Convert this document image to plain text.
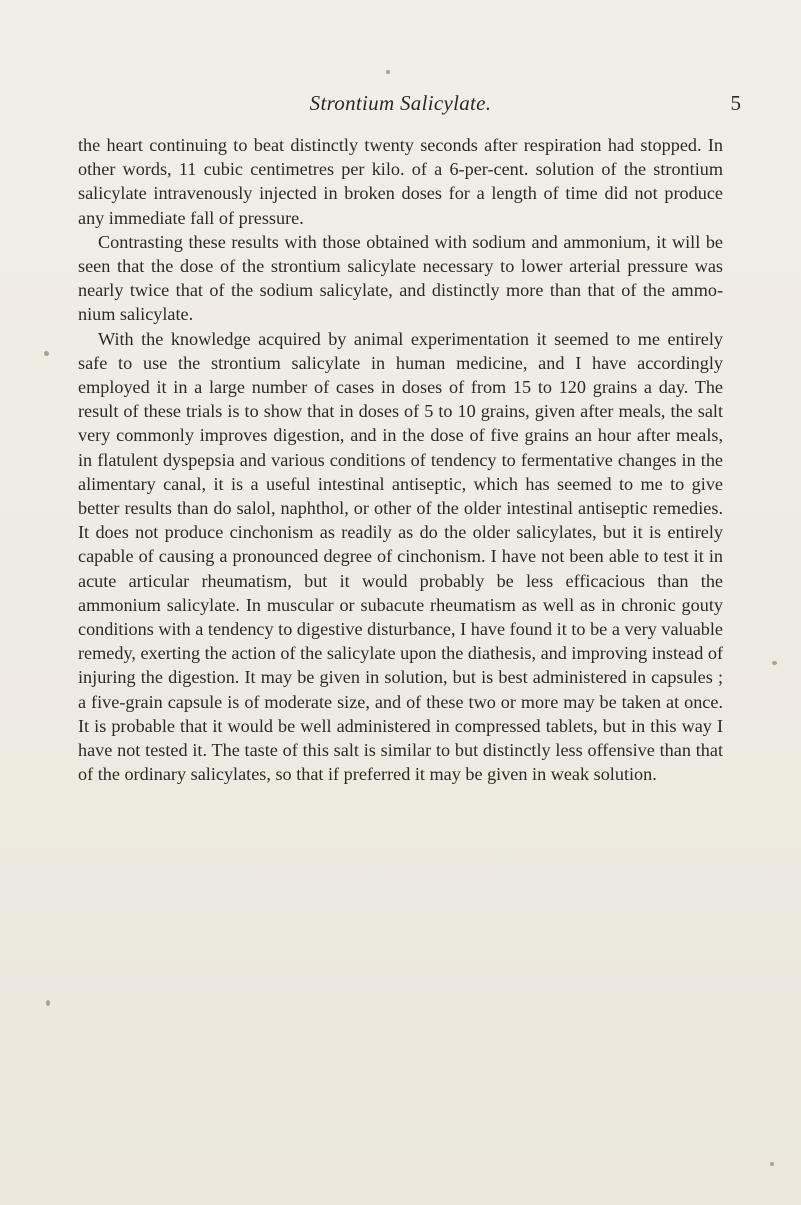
Strontium Salicylate.	5

the heart continuing to beat distinctly twenty seconds after respiration had stopped. In other words, 11 cubic centimetres per kilo. of a 6-per-cent. solution of the strontium salicylate intravenously injected in broken doses for a length of time did not produce any immediate fall of pressure.

Contrasting these results with those obtained with sodium and ammonium, it will be seen that the dose of the strontium salicylate necessary to lower arterial pressure was nearly twice that of the sodium salicylate, and distinctly more than that of the ammonium salicylate.

With the knowledge acquired by animal experimentation it seemed to me entirely safe to use the strontium salicylate in human medicine, and I have accordingly employed it in a large number of cases in doses of from 15 to 120 grains a day. The result of these trials is to show that in doses of 5 to 10 grains, given after meals, the salt very commonly improves digestion, and in the dose of five grains an hour after meals, in flatulent dyspepsia and various conditions of tendency to fermentative changes in the alimentary canal, it is a useful intestinal antiseptic, which has seemed to me to give better results than do salol, naphthol, or other of the older intestinal antiseptic remedies. It does not produce cinchonism as readily as do the older salicylates, but it is entirely capable of causing a pronounced degree of cinchonism. I have not been able to test it in acute articular rheumatism, but it would probably be less efficacious than the ammonium salicylate. In muscular or subacute rheumatism as well as in chronic gouty conditions with a tendency to digestive disturbance, I have found it to be a very valuable remedy, exerting the action of the salicylate upon the diathesis, and improving instead of injuring the digestion. It may be given in solution, but is best administered in capsules ; a five-grain capsule is of moderate size, and of these two or more may be taken at once. It is probable that it would be well administered in compressed tablets, but in this way I have not tested it. The taste of this salt is similar to but distinctly less offensive than that of the ordinary salicylates, so that if preferred it may be given in weak solution.
